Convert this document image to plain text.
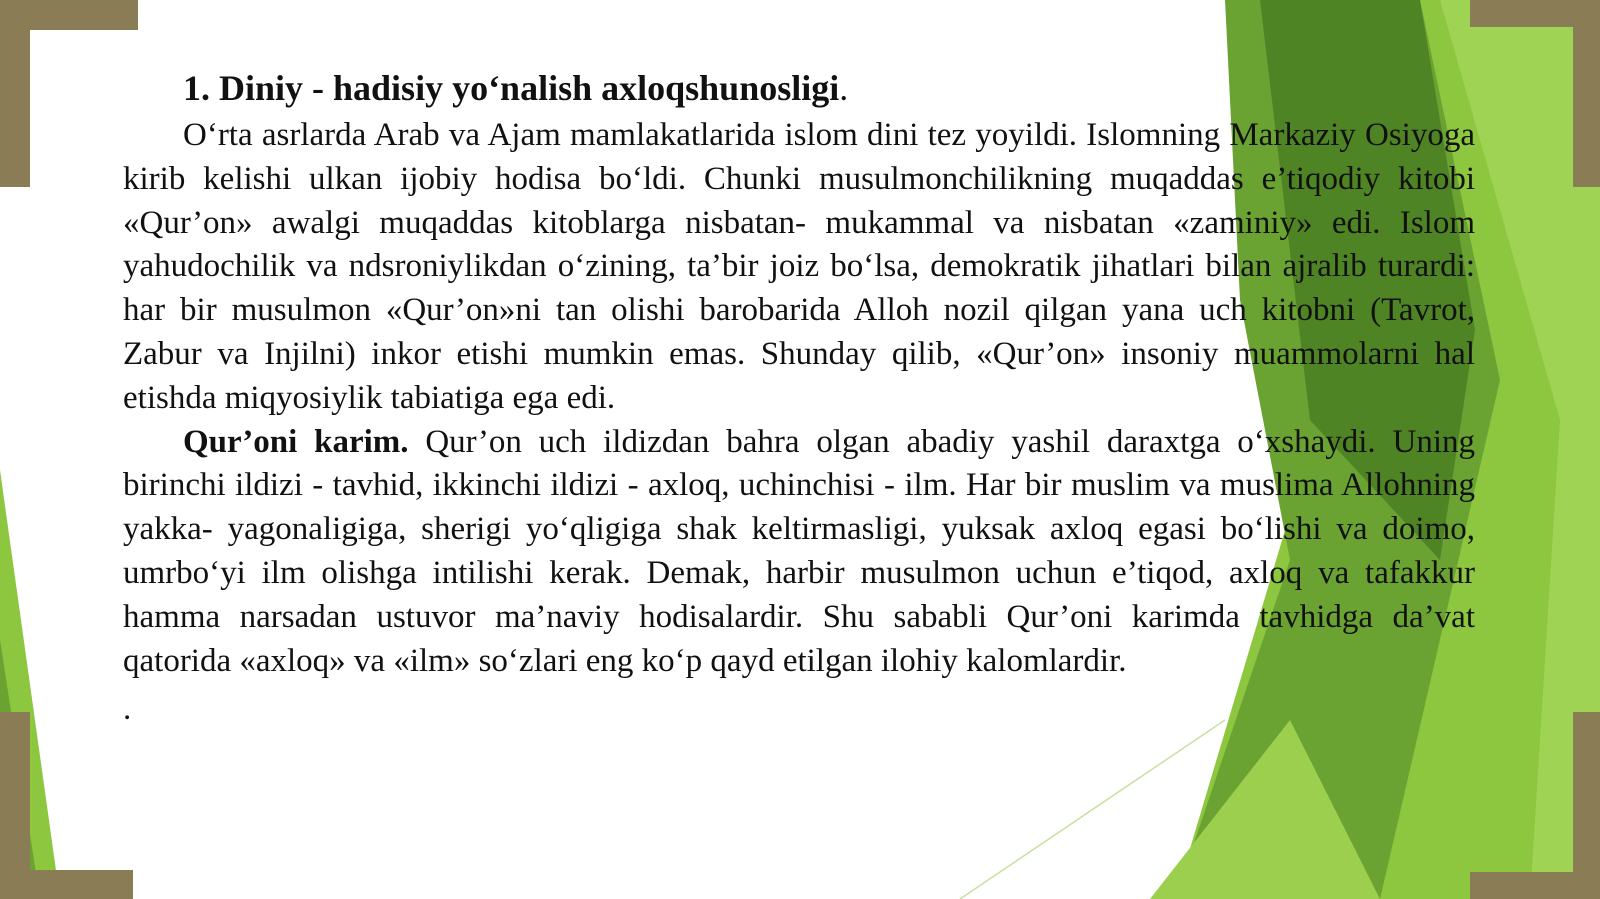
1. Diniy - hadisiy yo‘nalish axloqshunosligi.

O‘rta asrlarda Arab va Ajam mamlakatlarida islom dini tez yoyildi. Islomning Markaziy Osiyoga kirib kelishi ulkan ijobiy hodisa bo‘ldi. Chunki musulmonchilikning muqaddas e’tiqodiy kitobi «Qur’on» awalgi muqaddas kitoblarga nisbatan- mukammal va nisbatan «zaminiy» edi. Islom yahudochilik va ndsroniylikdan o‘zining, ta’bir joiz bo‘lsa, demokratik jihatlari bilan ajralib turardi: har bir musulmon «Qur’on»ni tan olishi barobarida Alloh nozil qilgan yana uch kitobni (Tavrot, Zabur va Injilni) inkor etishi mumkin emas. Shunday qilib, «Qur’on» insoniy muammolarni hal etishda miqyosiylik tabiatiga ega edi.

Qur’oni karim. Qur’on uch ildizdan bahra olgan abadiy yashil daraxtga o‘xshaydi. Uning birinchi ildizi - tavhid, ikkinchi ildizi - axloq, uchinchisi - ilm. Har bir muslim va muslima Allohning yakka- yagonaligiga, sherigi yo‘qligiga shak keltirmasligi, yuksak axloq egasi bo‘lishi va doimo, umrbo‘yi ilm olishga intilishi kerak. Demak, harbir musulmon uchun e’tiqod, axloq va tafakkur hamma narsadan ustuvor ma’naviy hodisalardir. Shu sababli Qur’oni karimda tavhidga da’vat qatorida «axloq» va «ilm» so‘zlari eng ko‘p qayd etilgan ilohiy kalomlardir.

.
